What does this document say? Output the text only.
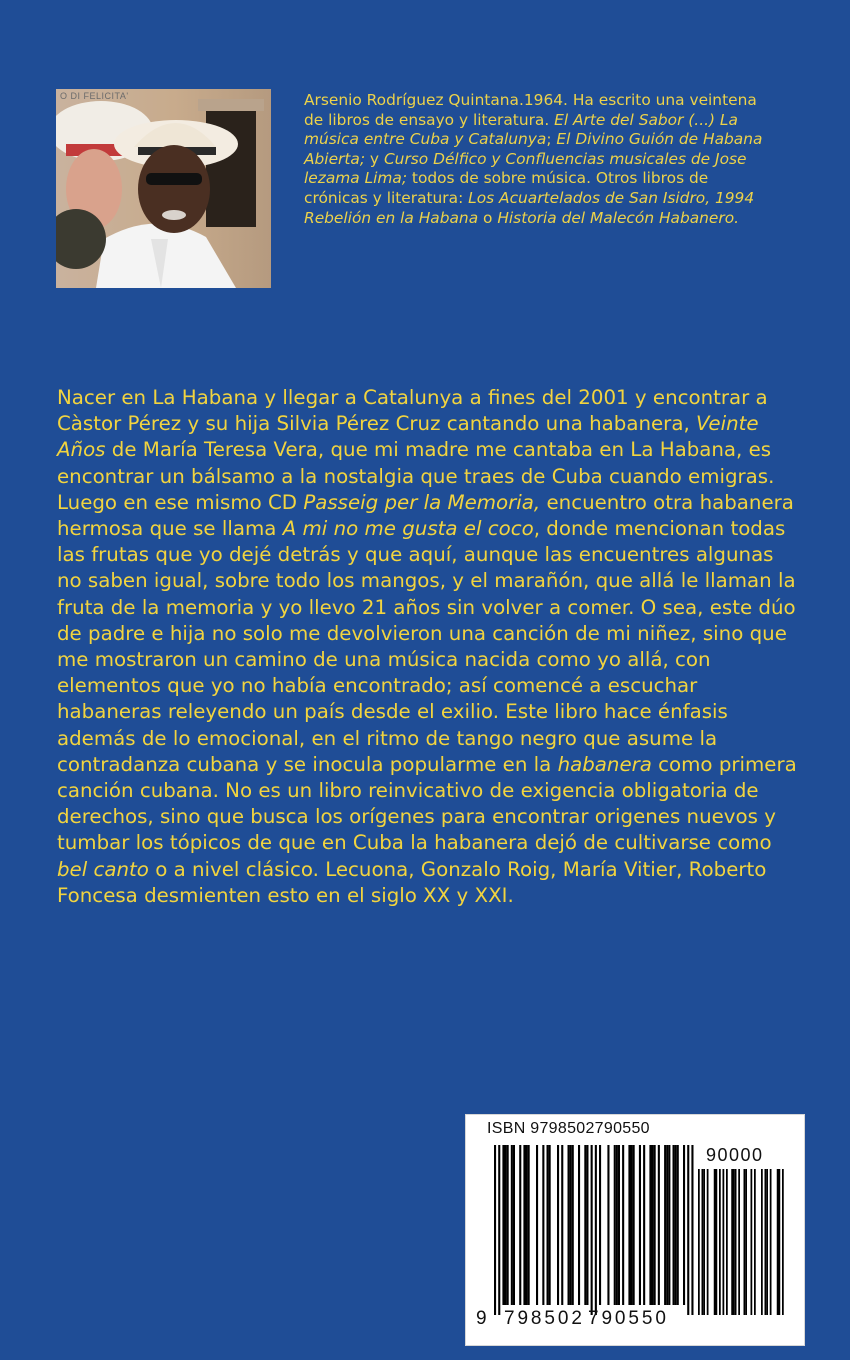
O DI FELICITA'	Arsenio Rodríguez Quintana.1964. Ha escrito una veintena de libros de ensayo y literatura. El Arte del Sabor (...) La música entre Cuba y Catalunya; El Divino Guión de Habana Abierta; y Curso Délfico y Confluencias musicales de Jose lezama Lima; todos de sobre música. Otros libros de crónicas y literatura: Los Acuartelados de San Isidro, 1994 Rebelión en la Habana o Historia del Malecón Habanero.

Nacer en La Habana y llegar a Catalunya a fines del 2001 y encontrar a Càstor Pérez y su hija Silvia Pérez Cruz cantando una habanera, Veinte Años de María Teresa Vera, que mi madre me cantaba en La Habana, es encontrar un bálsamo a la nostalgia que traes de Cuba cuando emigras. Luego en ese mismo CD Passeig per la Memoria, encuentro otra habanera hermosa que se llama A mi no me gusta el coco, donde mencionan todas las frutas que yo dejé detrás y que aquí, aunque las encuentres algunas no saben igual, sobre todo los mangos, y el marañón, que allá le llaman la fruta de la memoria y yo llevo 21 años sin volver a comer. O sea, este dúo de padre e hija no solo me devolvieron una canción de mi niñez, sino que me mostraron un camino de una música nacida como yo allá, con elementos que yo no había encontrado; así comencé a escuchar habaneras releyendo un país desde el exilio. Este libro hace énfasis además de lo emocional, en el ritmo de tango negro que asume la contradanza cubana y se inocula popularme en la habanera como primera canción cubana. No es un libro reinvicativo de exigencia obligatoria de derechos, sino que busca los orígenes para encontrar origenes nuevos y tumbar los tópicos de que en Cuba la habanera dejó de cultivarse como bel canto o a nivel clásico. Lecuona, Gonzalo Roig, María Vitier, Roberto Foncesa desmienten esto en el siglo XX y XXI.

ISBN 9798502790550
90000
9 798502 790550
